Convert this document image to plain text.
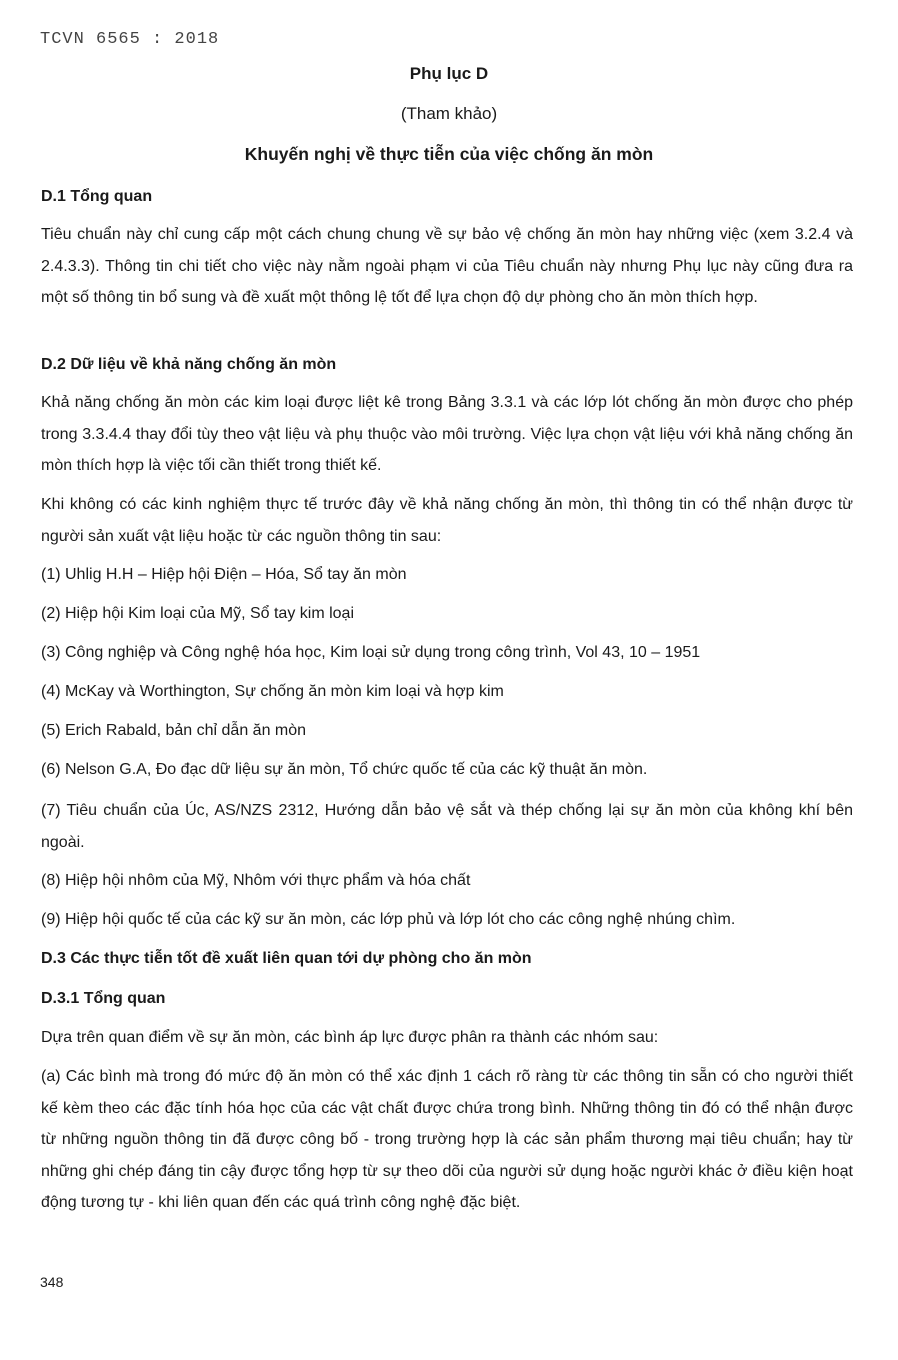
TCVN 6565 : 2018
Phụ lục D
(Tham khảo)
Khuyến nghị về thực tiễn của việc chống ăn mòn
D.1 Tổng quan
Tiêu chuẩn này chỉ cung cấp một cách chung chung về sự bảo vệ chống ăn mòn hay những việc (xem 3.2.4 và 2.4.3.3). Thông tin chi tiết cho việc này nằm ngoài phạm vi của Tiêu chuẩn này nhưng Phụ lục này cũng đưa ra một số thông tin bổ sung và đề xuất một thông lệ tốt để lựa chọn độ dự phòng cho ăn mòn thích hợp.
D.2 Dữ liệu về khả năng chống ăn mòn
Khả năng chống ăn mòn các kim loại được liệt kê trong Bảng 3.3.1 và các lớp lót chống ăn mòn được cho phép trong 3.3.4.4 thay đổi tùy theo vật liệu và phụ thuộc vào môi trường. Việc lựa chọn vật liệu với khả năng chống ăn mòn thích hợp là việc tối cần thiết trong thiết kế.
Khi không có các kinh nghiệm thực tế trước đây về khả năng chống ăn mòn, thì thông tin có thể nhận được từ người sản xuất vật liệu hoặc từ các nguồn thông tin sau:
(1) Uhlig H.H – Hiệp hội Điện – Hóa, Sổ tay ăn mòn
(2) Hiệp hội Kim loại của Mỹ, Sổ tay kim loại
(3) Công nghiệp và Công nghệ hóa học, Kim loại sử dụng trong công trình, Vol 43, 10 – 1951
(4) McKay và Worthington, Sự chống ăn mòn kim loại và hợp kim
(5) Erich Rabald, bản chỉ dẫn ăn mòn
(6) Nelson G.A, Đo đạc dữ liệu sự ăn mòn, Tổ chức quốc tế của các kỹ thuật ăn mòn.
(7) Tiêu chuẩn của Úc, AS/NZS 2312, Hướng dẫn bảo vệ sắt và thép chống lại sự ăn mòn của không khí bên ngoài.
(8) Hiệp hội nhôm của Mỹ, Nhôm với thực phẩm và hóa chất
(9) Hiệp hội quốc tế của các kỹ sư ăn mòn, các lớp phủ và lớp lót cho các công nghệ nhúng chìm.
D.3 Các thực tiễn tốt đề xuất liên quan tới dự phòng cho ăn mòn
D.3.1 Tổng quan
Dựa trên quan điểm về sự ăn mòn, các bình áp lực được phân ra thành các nhóm sau:
(a) Các bình mà trong đó mức độ ăn mòn có thể xác định 1 cách rõ ràng từ các thông tin sẵn có cho người thiết kế kèm theo các đặc tính hóa học của các vật chất được chứa trong bình. Những thông tin đó có thể nhận được từ những nguồn thông tin đã được công bố - trong trường hợp là các sản phẩm thương mại tiêu chuẩn; hay từ những ghi chép đáng tin cậy được tổng hợp từ sự theo dõi của người sử dụng hoặc người khác ở điều kiện hoạt động tương tự - khi liên quan đến các quá trình công nghệ đặc biệt.
348
